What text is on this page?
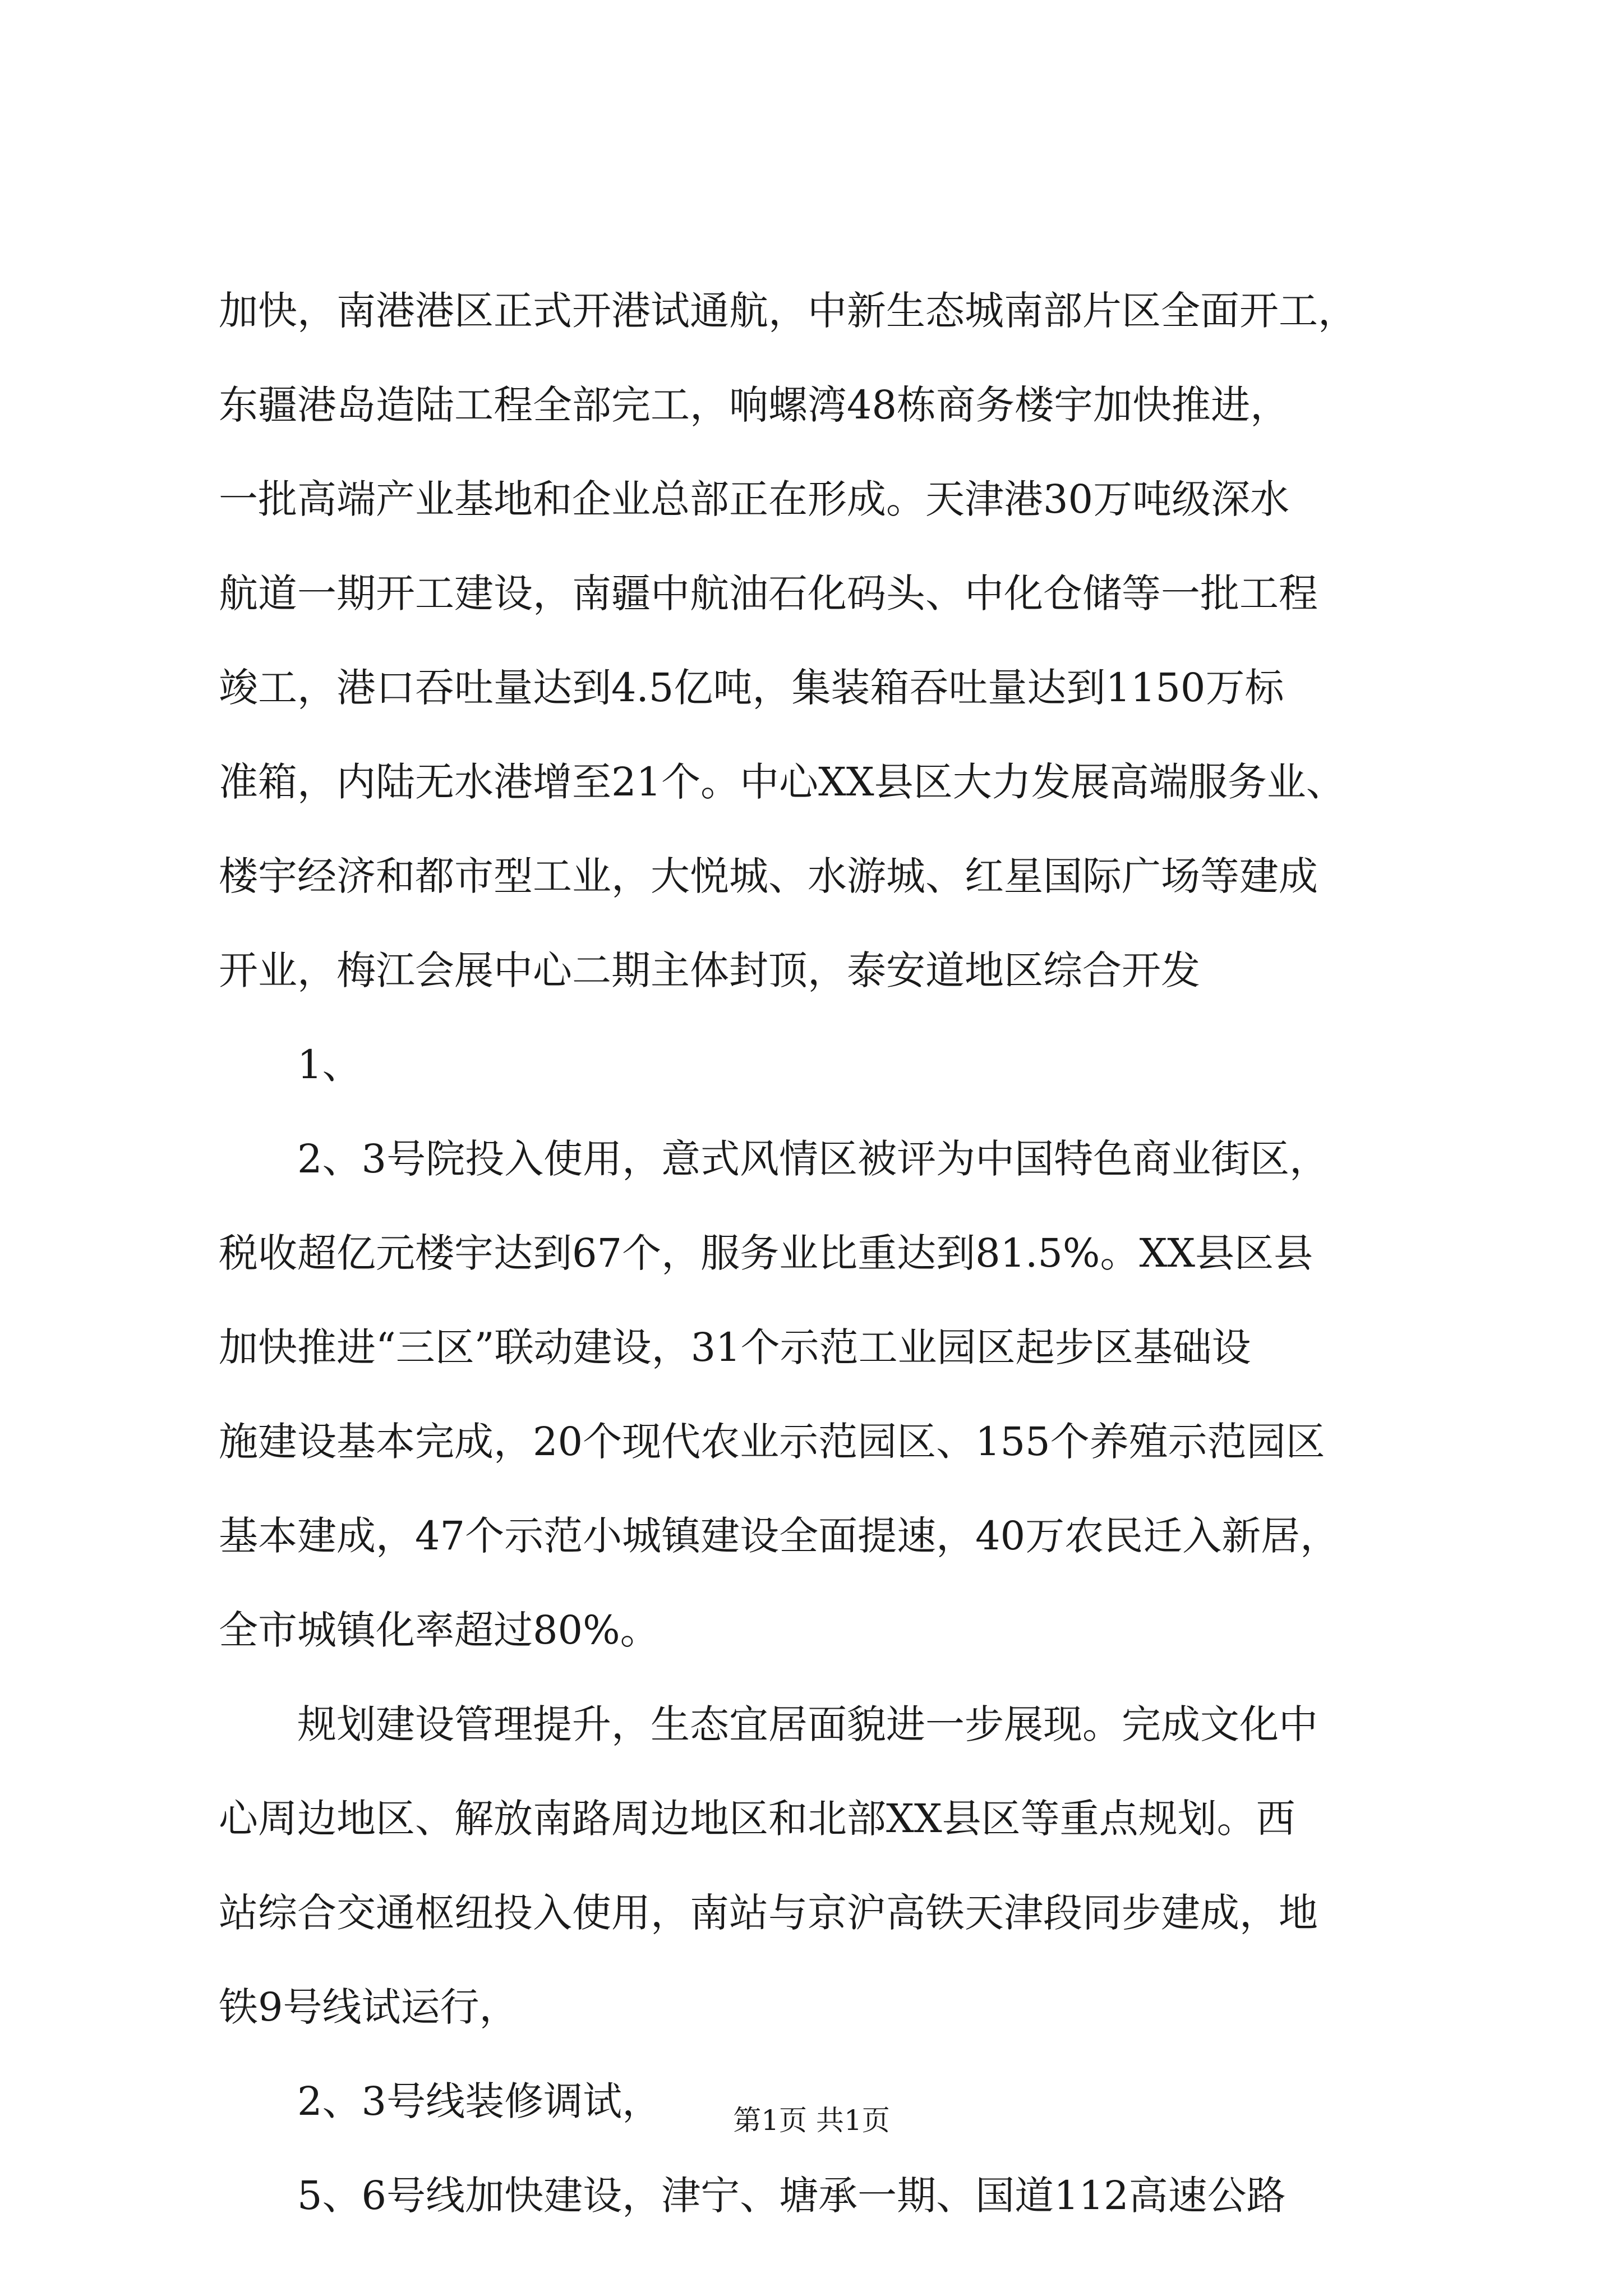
加快，南港港区正式开港试通航，中新生态城南部片区全面开工，
东疆港岛造陆工程全部完工，响螺湾48栋商务楼宇加快推进，
一批高端产业基地和企业总部正在形成。天津港30万吨级深水
航道一期开工建设，南疆中航油石化码头、中化仓储等一批工程
竣工，港口吞吐量达到4.5亿吨，集装箱吞吐量达到1150万标
准箱，内陆无水港增至21个。中心XX县区大力发展高端服务业、
楼宇经济和都市型工业，大悦城、水游城、红星国际广场等建成
开业，梅江会展中心二期主体封顶，泰安道地区综合开发
1、
2、3号院投入使用，意式风情区被评为中国特色商业街区，
税收超亿元楼宇达到67个，服务业比重达到81.5%。XX县区县
加快推进“三区”联动建设，31个示范工业园区起步区基础设
施建设基本完成，20个现代农业示范园区、155个养殖示范园区
基本建成，47个示范小城镇建设全面提速，40万农民迁入新居，
全市城镇化率超过80%。
规划建设管理提升，生态宜居面貌进一步展现。完成文化中
心周边地区、解放南路周边地区和北部XX县区等重点规划。西
站综合交通枢纽投入使用，南站与京沪高铁天津段同步建成，地
铁9号线试运行，
2、3号线装修调试，
5、6号线加快建设，津宁、塘承一期、国道112高速公路
第1页 共1页
